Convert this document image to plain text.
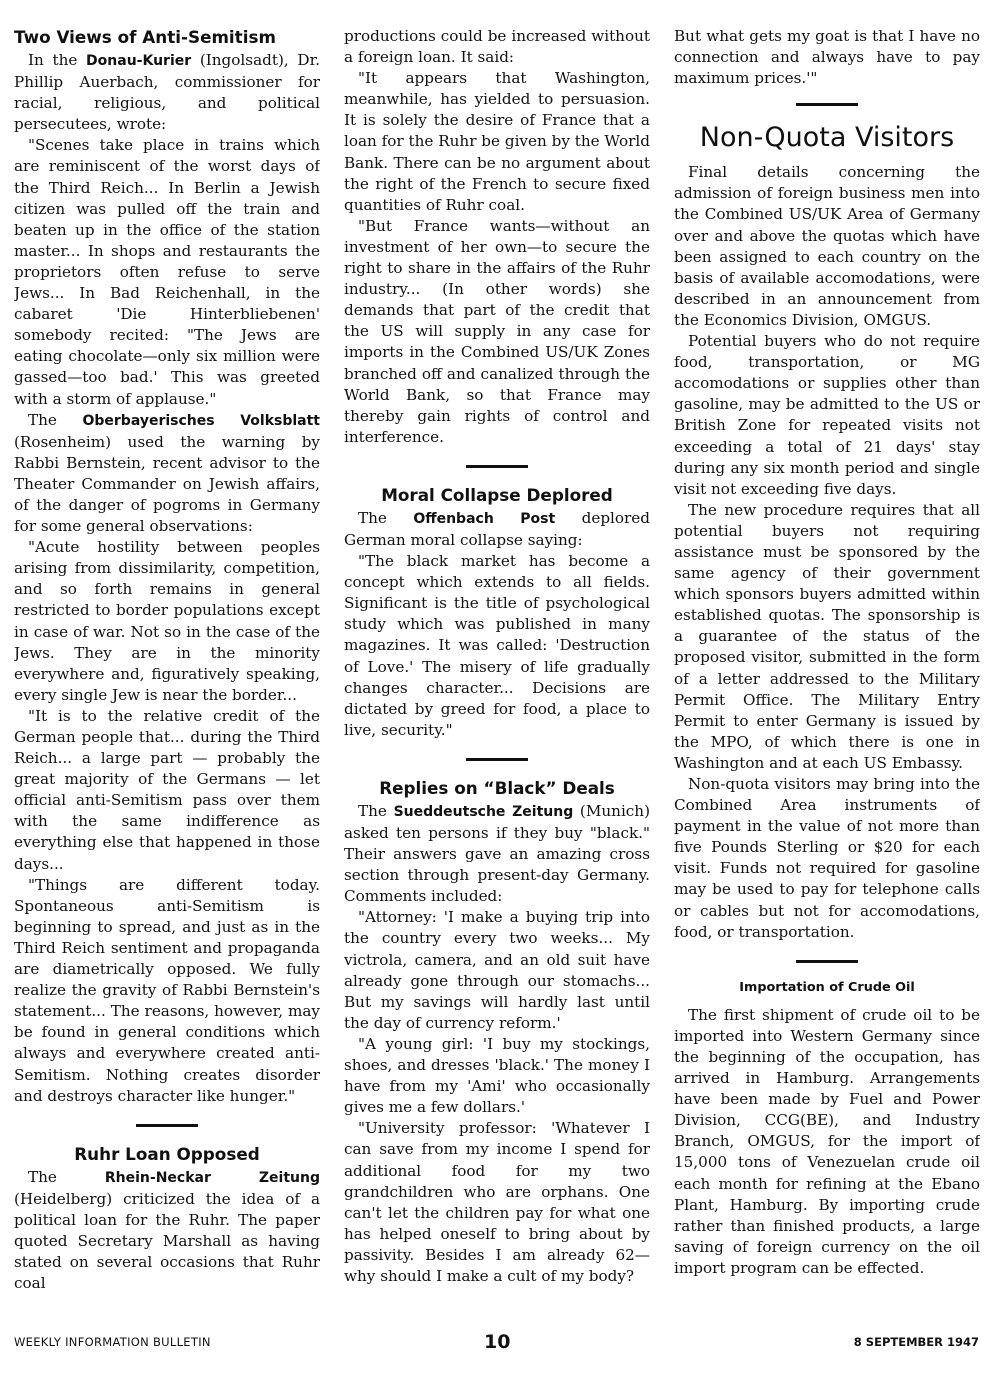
Two Views of Anti-Semitism

In the Donau-Kurier (Ingolsadt), Dr. Phillip Auerbach, commissioner for racial, religious, and political persecutees, wrote:

"Scenes take place in trains which are reminiscent of the worst days of the Third Reich... In Berlin a Jewish citizen was pulled off the train and beaten up in the office of the station master... In shops and restaurants the proprietors often refuse to serve Jews... In Bad Reichenhall, in the cabaret 'Die Hinterbliebenen' somebody recited: "The Jews are eating chocolate—only six million were gassed—too bad.' This was greeted with a storm of applause."

The Oberbayerisches Volksblatt (Rosenheim) used the warning by Rabbi Bernstein, recent advisor to the Theater Commander on Jewish affairs, of the danger of pogroms in Germany for some general observations:

"Acute hostility between peoples arising from dissimilarity, competition, and so forth remains in general restricted to border populations except in case of war. Not so in the case of the Jews. They are in the minority everywhere and, figuratively speaking, every single Jew is near the border...

"It is to the relative credit of the German people that... during the Third Reich... a large part — probably the great majority of the Germans — let official anti-Semitism pass over them with the same indifference as everything else that happened in those days...

"Things are different today. Spontaneous anti-Semitism is beginning to spread, and just as in the Third Reich sentiment and propaganda are diametrically opposed. We fully realize the gravity of Rabbi Bernstein's statement... The reasons, however, may be found in general conditions which always and everywhere created anti-Semitism. Nothing creates disorder and destroys character like hunger."

Ruhr Loan Opposed

The Rhein-Neckar Zeitung (Heidelberg) criticized the idea of a political loan for the Ruhr. The paper quoted Secretary Marshall as having stated on several occasions that Ruhr coal

productions could be increased without a foreign loan. It said:

"It appears that Washington, meanwhile, has yielded to persuasion. It is solely the desire of France that a loan for the Ruhr be given by the World Bank. There can be no argument about the right of the French to secure fixed quantities of Ruhr coal.

"But France wants—without an investment of her own—to secure the right to share in the affairs of the Ruhr industry... (In other words) she demands that part of the credit that the US will supply in any case for imports in the Combined US/UK Zones branched off and canalized through the World Bank, so that France may thereby gain rights of control and interference.

Moral Collapse Deplored

The Offenbach Post deplored German moral collapse saying:

"The black market has become a concept which extends to all fields. Significant is the title of psychological study which was published in many magazines. It was called: 'Destruction of Love.' The misery of life gradually changes character... Decisions are dictated by greed for food, a place to live, security."

Replies on “Black” Deals

The Sueddeutsche Zeitung (Munich) asked ten persons if they buy "black." Their answers gave an amazing cross section through present-day Germany. Comments included:

"Attorney: 'I make a buying trip into the country every two weeks... My victrola, camera, and an old suit have already gone through our stomachs... But my savings will hardly last until the day of currency reform.'

"A young girl: 'I buy my stockings, shoes, and dresses 'black.' The money I have from my 'Ami' who occasionally gives me a few dollars.'

"University professor: 'Whatever I can save from my income I spend for additional food for my two grandchildren who are orphans. One can't let the children pay for what one has helped oneself to bring about by passivity. Besides I am already 62—why should I make a cult of my body?

But what gets my goat is that I have no connection and always have to pay maximum prices.'"

Non-Quota Visitors

Final details concerning the admission of foreign business men into the Combined US/UK Area of Germany over and above the quotas which have been assigned to each country on the basis of available accomodations, were described in an announcement from the Economics Division, OMGUS.

Potential buyers who do not require food, transportation, or MG accomodations or supplies other than gasoline, may be admitted to the US or British Zone for repeated visits not exceeding a total of 21 days' stay during any six month period and single visit not exceeding five days.

The new procedure requires that all potential buyers not requiring assistance must be sponsored by the same agency of their government which sponsors buyers admitted within established quotas. The sponsorship is a guarantee of the status of the proposed visitor, submitted in the form of a letter addressed to the Military Permit Office. The Military Entry Permit to enter Germany is issued by the MPO, of which there is one in Washington and at each US Embassy.

Non-quota visitors may bring into the Combined Area instruments of payment in the value of not more than five Pounds Sterling or $20 for each visit. Funds not required for gasoline may be used to pay for telephone calls or cables but not for accomodations, food, or transportation.

Importation of Crude Oil

The first shipment of crude oil to be imported into Western Germany since the beginning of the occupation, has arrived in Hamburg. Arrangements have been made by Fuel and Power Division, CCG(BE), and Industry Branch, OMGUS, for the import of 15,000 tons of Venezuelan crude oil each month for refining at the Ebano Plant, Hamburg. By importing crude rather than finished products, a large saving of foreign currency on the oil import program can be effected.

WEEKLY INFORMATION BULLETIN	10	8 SEPTEMBER 1947
